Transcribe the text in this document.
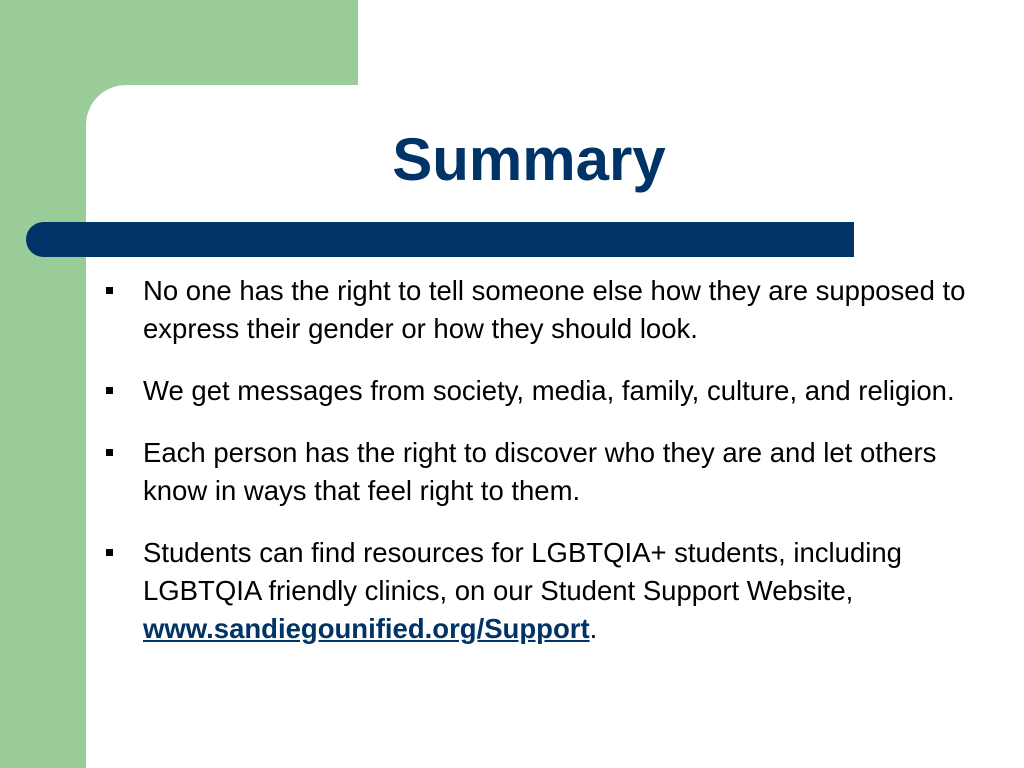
Summary
No one has the right to tell someone else how they are supposed to express their gender or how they should look.
We get messages from society, media, family, culture, and religion.
Each person has the right to discover who they are and let others know in ways that feel right to them.
Students can find resources for LGBTQIA+ students, including LGBTQIA friendly clinics, on our Student Support Website, www.sandiegounified.org/Support.
